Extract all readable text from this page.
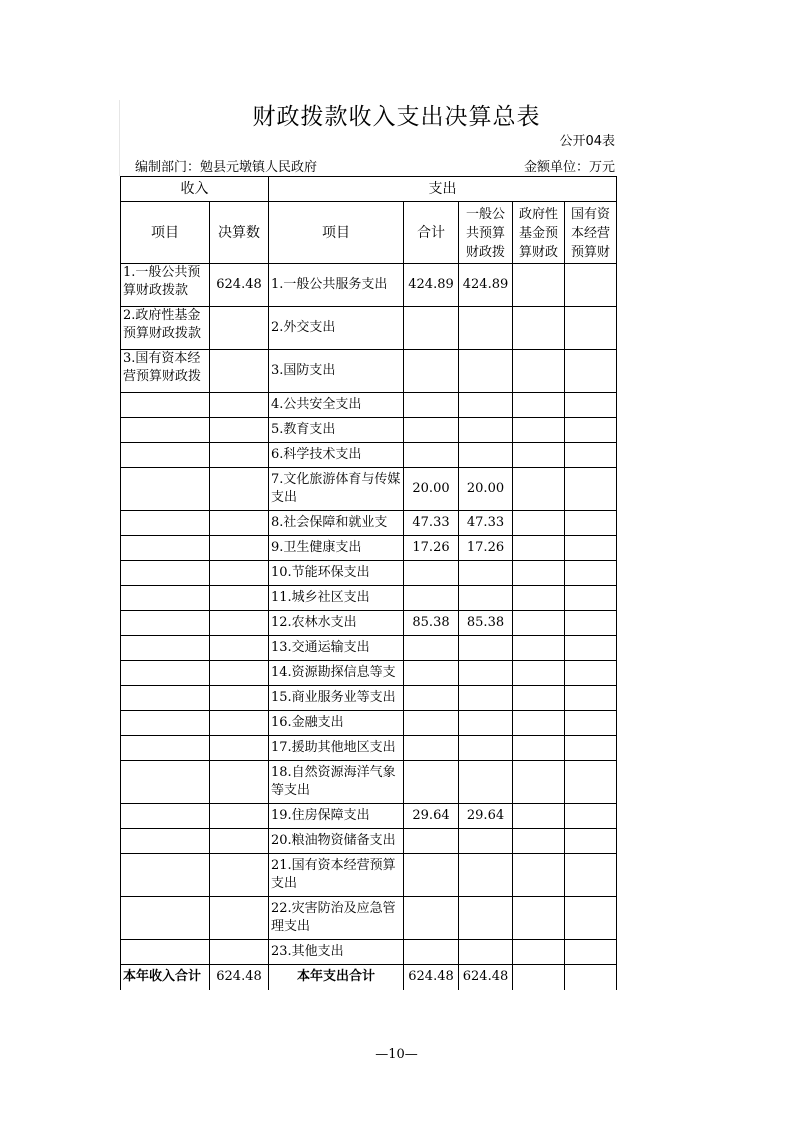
财政拨款收入支出决算总表
公开04表
编制部门：勉县元墩镇人民政府	金额单位：万元
收入		支出				
项目	决算数	项目	合计	一般公共预算财政拨	政府性基金预算财政	国有资本经营预算财
1.一般公共预算财政拨款	624.48	1.一般公共服务支出	424.89	424.89		
2.政府性基金预算财政拨款		2.外交支出				
3.国有资本经营预算财政拨		3.国防支出				
		4.公共安全支出				
		5.教育支出				
		6.科学技术支出				
		7.文化旅游体育与传媒支出	20.00	20.00		
		8.社会保障和就业支	47.33	47.33		
		9.卫生健康支出	17.26	17.26		
		10.节能环保支出				
		11.城乡社区支出				
		12.农林水支出	85.38	85.38		
		13.交通运输支出				
		14.资源勘探信息等支				
		15.商业服务业等支出				
		16.金融支出				
		17.援助其他地区支出				
		18.自然资源海洋气象等支出				
		19.住房保障支出	29.64	29.64		
		20.粮油物资储备支出				
		21.国有资本经营预算支出				
		22.灾害防治及应急管理支出				
		23.其他支出				
本年收入合计	624.48	本年支出合计	624.48	624.48		
—10—
